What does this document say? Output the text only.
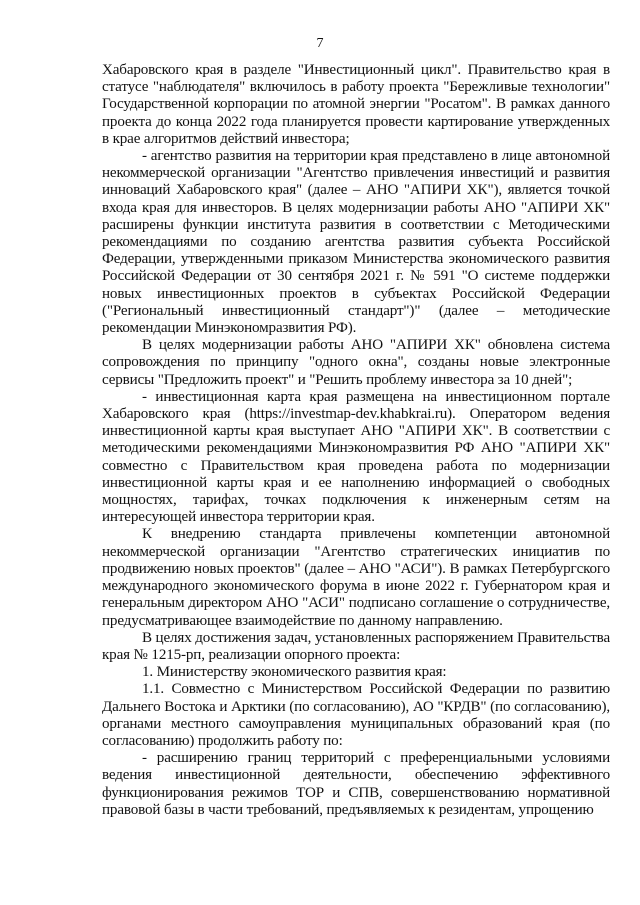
7

Хабаровского края в разделе "Инвестиционный цикл". Правительство края в статусе "наблюдателя" включилось в работу проекта "Бережливые технологии" Государственной корпорации по атомной энергии "Росатом". В рамках данного проекта до конца 2022 года планируется провести картирование утвержденных в крае алгоритмов действий инвестора;

- агентство развития на территории края представлено в лице автономной некоммерческой организации "Агентство привлечения инвестиций и развития инноваций Хабаровского края" (далее – АНО "АПИРИ ХК"), является точкой входа края для инвесторов. В целях модернизации работы АНО "АПИРИ ХК" расширены функции института развития в соответствии с Методическими рекомендациями по созданию агентства развития субъекта Российской Федерации, утвержденными приказом Министерства экономического развития Российской Федерации от 30 сентября 2021 г. № 591 "О системе поддержки новых инвестиционных проектов в субъектах Российской Федерации ("Региональный инвестиционный стандарт")" (далее – методические рекомендации Минэкономразвития РФ).

В целях модернизации работы АНО "АПИРИ ХК" обновлена система сопровождения по принципу "одного окна", созданы новые электронные сервисы "Предложить проект" и "Решить проблему инвестора за 10 дней";

- инвестиционная карта края размещена на инвестиционном портале Хабаровского края (https://investmap-dev.khabkrai.ru). Оператором ведения инвестиционной карты края выступает АНО "АПИРИ ХК". В соответствии с методическими рекомендациями Минэкономразвития РФ АНО "АПИРИ ХК" совместно с Правительством края проведена работа по модернизации инвестиционной карты края и ее наполнению информацией о свободных мощностях, тарифах, точках подключения к инженерным сетям на интересующей инвестора территории края.

К внедрению стандарта привлечены компетенции автономной некоммерческой организации "Агентство стратегических инициатив по продвижению новых проектов" (далее – АНО "АСИ"). В рамках Петербургского международного экономического форума в июне 2022 г. Губернатором края и генеральным директором АНО "АСИ" подписано соглашение о сотрудничестве, предусматривающее взаимодействие по данному направлению.

В целях достижения задач, установленных распоряжением Правительства края № 1215-рп, реализации опорного проекта:

1. Министерству экономического развития края:

1.1. Совместно с Министерством Российской Федерации по развитию Дальнего Востока и Арктики (по согласованию), АО "КРДВ" (по согласованию), органами местного самоуправления муниципальных образований края (по согласованию) продолжить работу по:

- расширению границ территорий с преференциальными условиями ведения инвестиционной деятельности, обеспечению эффективного функционирования режимов ТОР и СПВ, совершенствованию нормативной правовой базы в части требований, предъявляемых к резидентам, упрощению
